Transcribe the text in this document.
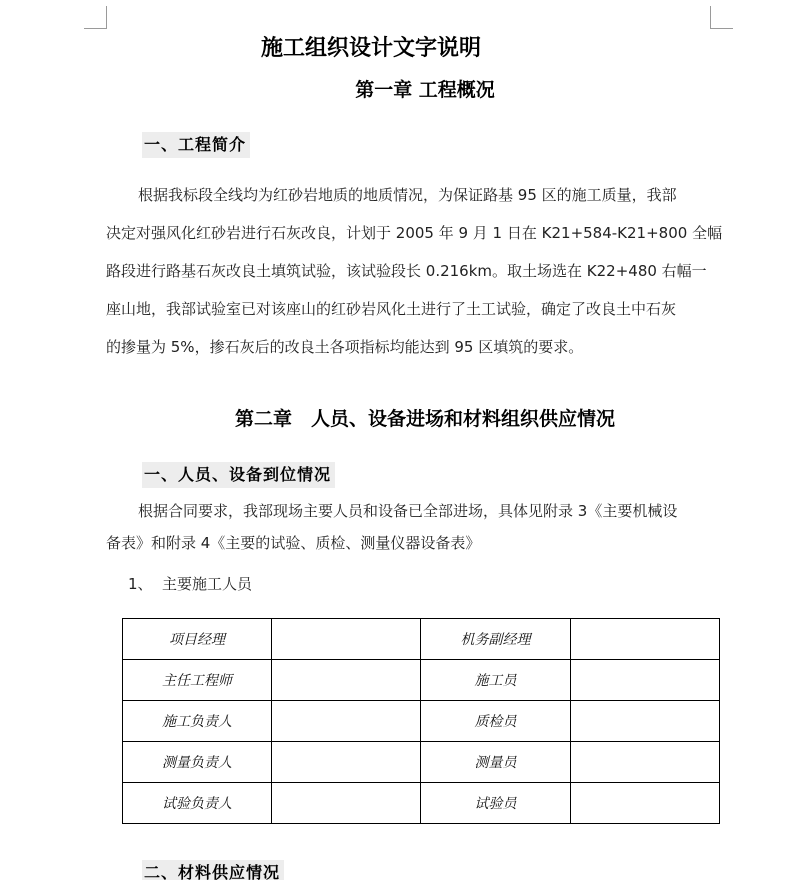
施工组织设计文字说明
第一章 工程概况
一、工程简介
根据我标段全线均为红砂岩地质的地质情况，为保证路基 95 区的施工质量，我部
决定对强风化红砂岩进行石灰改良，计划于 2005 年 9 月 1 日在 K21+584-K21+800 全幅
路段进行路基石灰改良土填筑试验，该试验段长 0.216km。取土场选在 K22+480 右幅一
座山地，我部试验室已对该座山的红砂岩风化土进行了土工试验，确定了改良土中石灰
的掺量为 5%，掺石灰后的改良土各项指标均能达到 95 区填筑的要求。
第二章　人员、设备进场和材料组织供应情况
一、人员、设备到位情况
根据合同要求，我部现场主要人员和设备已全部进场，具体见附录 3《主要机械设
备表》和附录 4《主要的试验、质检、测量仪器设备表》
1、 主要施工人员
项目经理		机务副经理	
主任工程师		施工员	
施工负责人		质检员	
测量负责人		测量员	
试验负责人		试验员	
二、材料供应情况
